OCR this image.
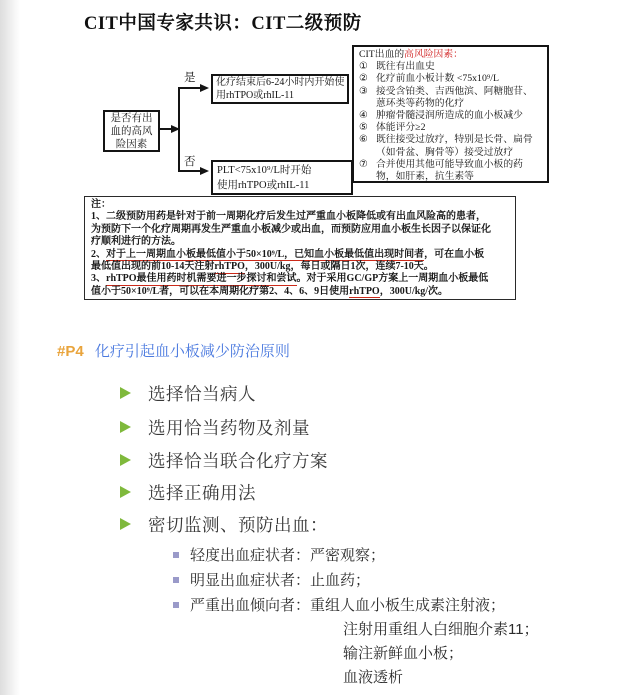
CIT中国专家共识：CIT二级预防
是否有出
血的高风
险因素
是
否
化疗结束后6-24小时内开始使
用rhTPO或rhIL-11
PLT<75x10⁹/L时开始
使用rhTPO或rhIL-11
CIT出血的高风险因素：
① 既往有出血史
② 化疗前血小板计数 <75x10⁹/L
③ 接受含铂类、吉西他滨、阿糖胞苷、蒽环类等药物的化疗
④ 肿瘤骨髓浸润所造成的血小板减少
⑤ 体能评分≥2
⑥ 既往接受过放疗，特别是长骨、扁骨（如骨盆、胸骨等）接受过放疗
⑦ 合并使用其他可能导致血小板的药物，如肝素，抗生素等
注：
1、二级预防用药是针对于前一周期化疗后发生过严重血小板降低或有出血风险高的患者，
为预防下一个化疗周期再发生严重血小板减少或出血，而预防应用血小板生长因子以保证化
疗顺利进行的方法。
2、对于上一周期血小板最低值小于50×10⁹/L，已知血小板最低值出现时间者，可在血小板
最低值出现的前10-14天注射rhTPO，300U/kg，每日或隔日1次，连续7-10天。
3、rhTPO最佳用药时机需要进一步探讨和尝试。对于采用GC/GP方案上一周期血小板最低
值小于50×10⁹/L者，可以在本周期化疗第2、4、6、9日使用rhTPO，300U/kg/次。
#P4 化疗引起血小板减少防治原则
选择恰当病人
选用恰当药物及剂量
选择恰当联合化疗方案
选择正确用法
密切监测、预防出血：
轻度出血症状者：严密观察；
明显出血症状者：止血药；
严重出血倾向者：重组人血小板生成素注射液；
注射用重组人白细胞介素11；
输注新鲜血小板；
血液透析
